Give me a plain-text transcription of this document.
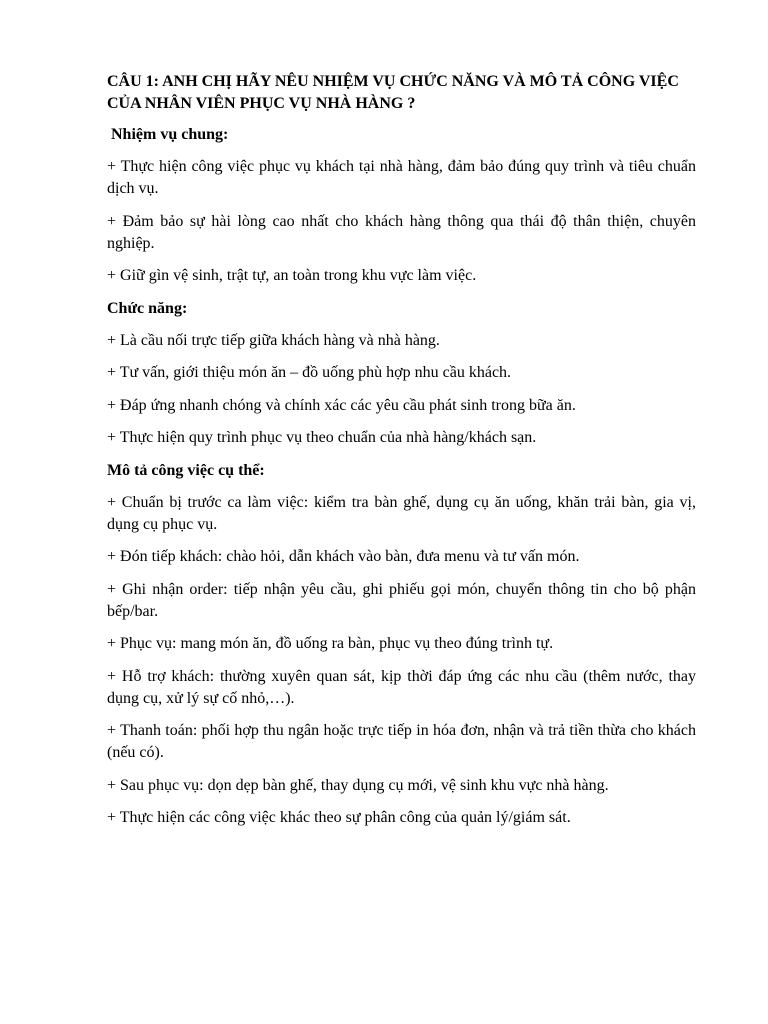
CÂU 1: ANH CHỊ HÃY NÊU NHIỆM VỤ CHỨC NĂNG VÀ MÔ TẢ CÔNG VIỆC CỦA NHÂN VIÊN PHỤC VỤ NHÀ HÀNG ?
Nhiệm vụ chung:
+ Thực hiện công việc phục vụ khách tại nhà hàng, đảm bảo đúng quy trình và tiêu chuẩn dịch vụ.
+ Đảm bảo sự hài lòng cao nhất cho khách hàng thông qua thái độ thân thiện, chuyên nghiệp.
+ Giữ gìn vệ sinh, trật tự, an toàn trong khu vực làm việc.
Chức năng:
+ Là cầu nối trực tiếp giữa khách hàng và nhà hàng.
+ Tư vấn, giới thiệu món ăn – đồ uống phù hợp nhu cầu khách.
+ Đáp ứng nhanh chóng và chính xác các yêu cầu phát sinh trong bữa ăn.
+ Thực hiện quy trình phục vụ theo chuẩn của nhà hàng/khách sạn.
Mô tả công việc cụ thể:
+ Chuẩn bị trước ca làm việc: kiểm tra bàn ghế, dụng cụ ăn uống, khăn trải bàn, gia vị, dụng cụ phục vụ.
+ Đón tiếp khách: chào hỏi, dẫn khách vào bàn, đưa menu và tư vấn món.
+ Ghi nhận order: tiếp nhận yêu cầu, ghi phiếu gọi món, chuyển thông tin cho bộ phận bếp/bar.
+ Phục vụ: mang món ăn, đồ uống ra bàn, phục vụ theo đúng trình tự.
+ Hỗ trợ khách: thường xuyên quan sát, kịp thời đáp ứng các nhu cầu (thêm nước, thay dụng cụ, xử lý sự cố nhỏ,…).
+ Thanh toán: phối hợp thu ngân hoặc trực tiếp in hóa đơn, nhận và trả tiền thừa cho khách (nếu có).
+ Sau phục vụ: dọn dẹp bàn ghế, thay dụng cụ mới, vệ sinh khu vực nhà hàng.
+ Thực hiện các công việc khác theo sự phân công của quản lý/giám sát.
